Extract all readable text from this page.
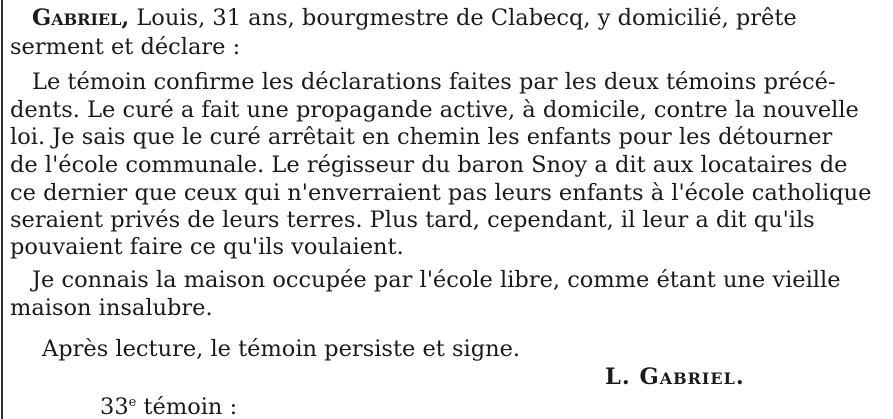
Gabriel, Louis, 31 ans, bourgmestre de Clabecq, y domicilié, prête
serment et déclare :
Le témoin confirme les déclarations faites par les deux témoins précé-
dents. Le curé a fait une propagande active, à domicile, contre la nouvelle
loi. Je sais que le curé arrêtait en chemin les enfants pour les détourner
de l'école communale. Le régisseur du baron Snoy a dit aux locataires de
ce dernier que ceux qui n'enverraient pas leurs enfants à l'école catholique
seraient privés de leurs terres. Plus tard, cependant, il leur a dit qu'ils
pouvaient faire ce qu'ils voulaient.
Je connais la maison occupée par l'école libre, comme étant une vieille
maison insalubre.
Après lecture, le témoin persiste et signe.
L. Gabriel.
33e témoin :
